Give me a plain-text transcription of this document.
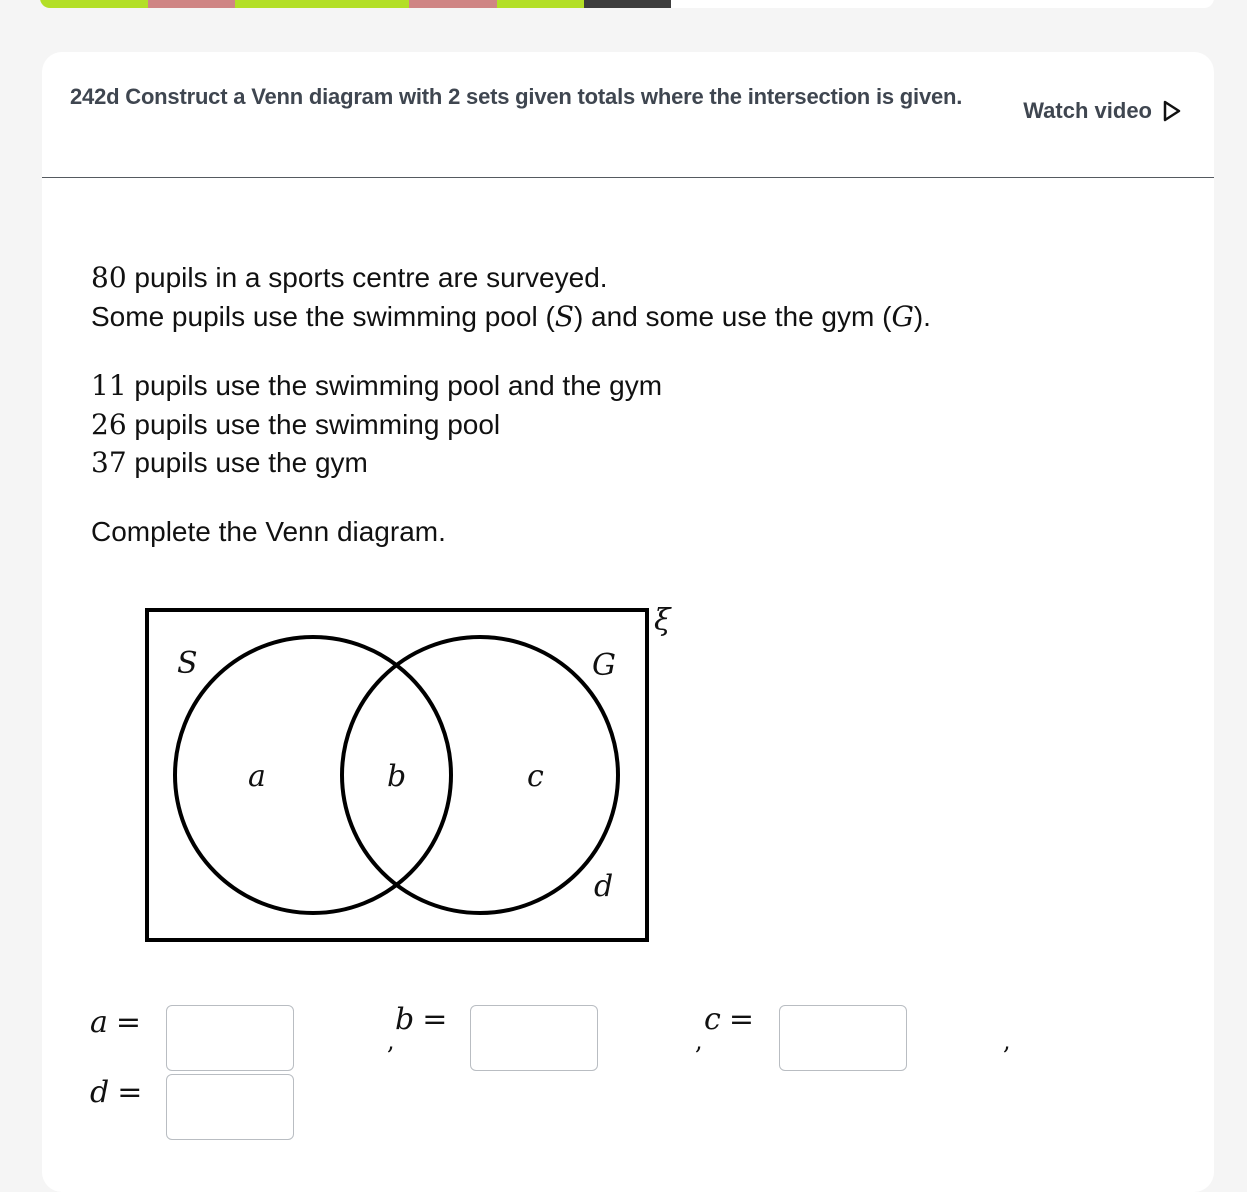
242d Construct a Venn diagram with 2 sets given totals where the intersection is given.
Watch video
80 pupils in a sports centre are surveyed.
Some pupils use the swimming pool (S) and some use the gym (G).
11 pupils use the swimming pool and the gym
26 pupils use the swimming pool
37 pupils use the gym
Complete the Venn diagram.
ξ
S	G
a	b	c
d
a =
,
b =
,
c =
,
d =
